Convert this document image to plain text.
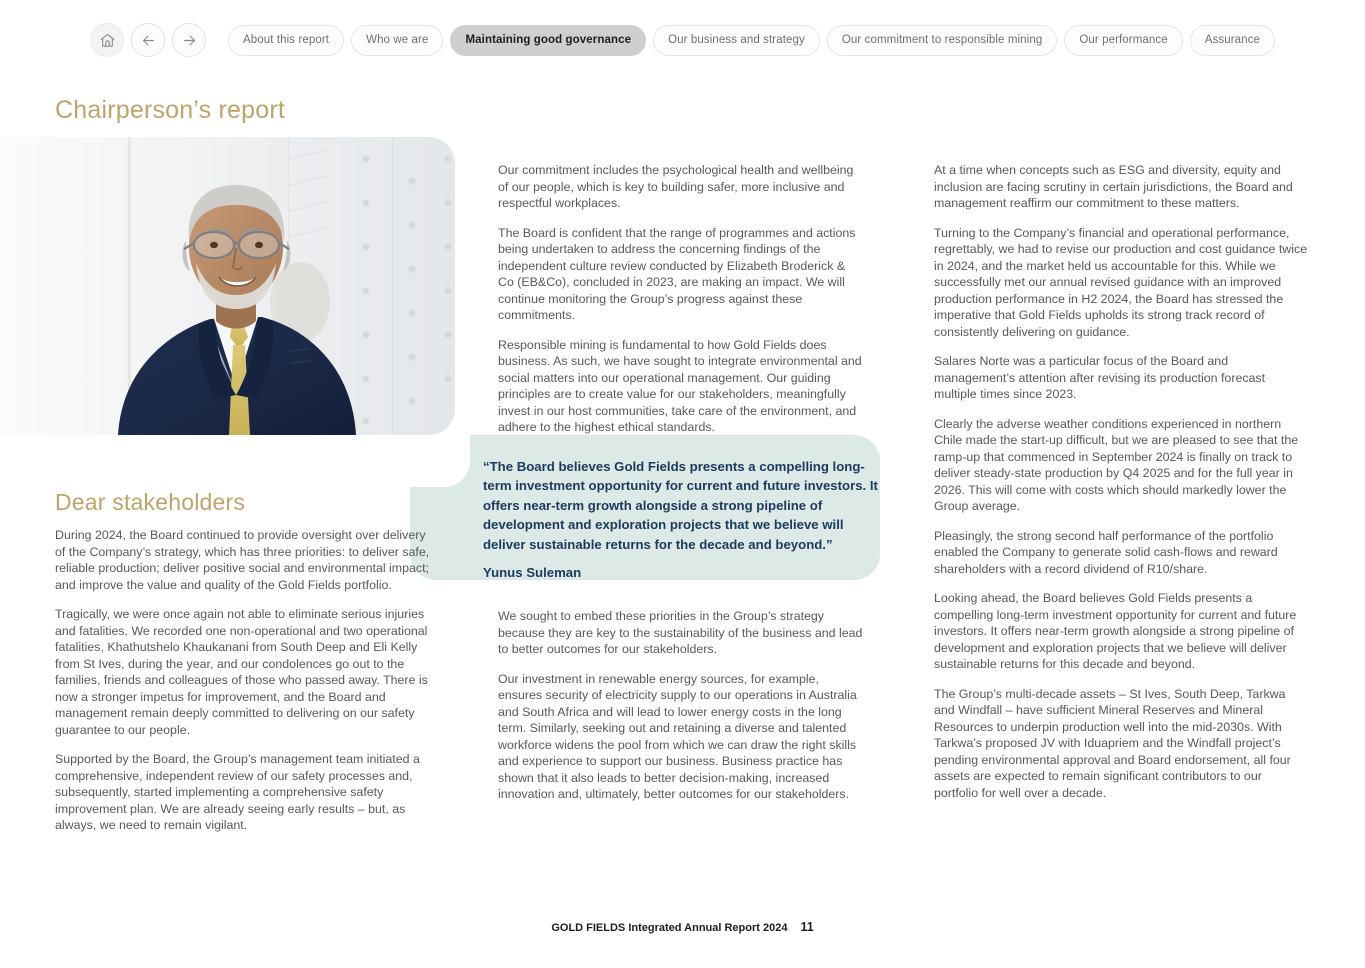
About this report	Who we are	Maintaining good governance	Our business and strategy	Our commitment to responsible mining	Our performance	Assurance
Chairperson’s report

“The Board believes Gold Fields presents a compelling long-term investment opportunity for current and future investors. It offers near-term growth alongside a strong pipeline of development and exploration projects that we believe will deliver sustainable returns for the decade and beyond.”

Yunus Suleman

Dear stakeholders

During 2024, the Board continued to provide oversight over delivery of the Company’s strategy, which has three priorities: to deliver safe, reliable production; deliver positive social and environmental impact; and improve the value and quality of the Gold Fields portfolio.

Tragically, we were once again not able to eliminate serious injuries and fatalities. We recorded one non-operational and two operational fatalities, Khathutshelo Khaukanani from South Deep and Eli Kelly from St Ives, during the year, and our condolences go out to the families, friends and colleagues of those who passed away. There is now a stronger impetus for improvement, and the Board and management remain deeply committed to delivering on our safety guarantee to our people.

Supported by the Board, the Group’s management team initiated a comprehensive, independent review of our safety processes and, subsequently, started implementing a comprehensive safety improvement plan. We are already seeing early results – but, as always, we need to remain vigilant.

Our commitment includes the psychological health and wellbeing of our people, which is key to building safer, more inclusive and respectful workplaces.

The Board is confident that the range of programmes and actions being undertaken to address the concerning findings of the independent culture review conducted by Elizabeth Broderick & Co (EB&Co), concluded in 2023, are making an impact. We will continue monitoring the Group’s progress against these commitments.

Responsible mining is fundamental to how Gold Fields does business. As such, we have sought to integrate environmental and social matters into our operational management. Our guiding principles are to create value for our stakeholders, meaningfully invest in our host communities, take care of the environment, and adhere to the highest ethical standards.

We sought to embed these priorities in the Group’s strategy because they are key to the sustainability of the business and lead to better outcomes for our stakeholders.

Our investment in renewable energy sources, for example, ensures security of electricity supply to our operations in Australia and South Africa and will lead to lower energy costs in the long term. Similarly, seeking out and retaining a diverse and talented workforce widens the pool from which we can draw the right skills and experience to support our business. Business practice has shown that it also leads to better decision-making, increased innovation and, ultimately, better outcomes for our stakeholders.

At a time when concepts such as ESG and diversity, equity and inclusion are facing scrutiny in certain jurisdictions, the Board and management reaffirm our commitment to these matters.

Turning to the Company’s financial and operational performance, regrettably, we had to revise our production and cost guidance twice in 2024, and the market held us accountable for this. While we successfully met our annual revised guidance with an improved production performance in H2 2024, the Board has stressed the imperative that Gold Fields upholds its strong track record of consistently delivering on guidance.

Salares Norte was a particular focus of the Board and management’s attention after revising its production forecast multiple times since 2023.

Clearly the adverse weather conditions experienced in northern Chile made the start-up difficult, but we are pleased to see that the ramp-up that commenced in September 2024 is finally on track to deliver steady-state production by Q4 2025 and for the full year in 2026. This will come with costs which should markedly lower the Group average.

Pleasingly, the strong second half performance of the portfolio enabled the Company to generate solid cash-flows and reward shareholders with a record dividend of R10/share.

Looking ahead, the Board believes Gold Fields presents a compelling long-term investment opportunity for current and future investors. It offers near-term growth alongside a strong pipeline of development and exploration projects that we believe will deliver sustainable returns for this decade and beyond.

The Group’s multi-decade assets – St Ives, South Deep, Tarkwa and Windfall – have sufficient Mineral Reserves and Mineral Resources to underpin production well into the mid-2030s. With Tarkwa’s proposed JV with Iduapriem and the Windfall project’s pending environmental approval and Board endorsement, all four assets are expected to remain significant contributors to our portfolio for well over a decade.

GOLD FIELDS Integrated Annual Report 2024 11
